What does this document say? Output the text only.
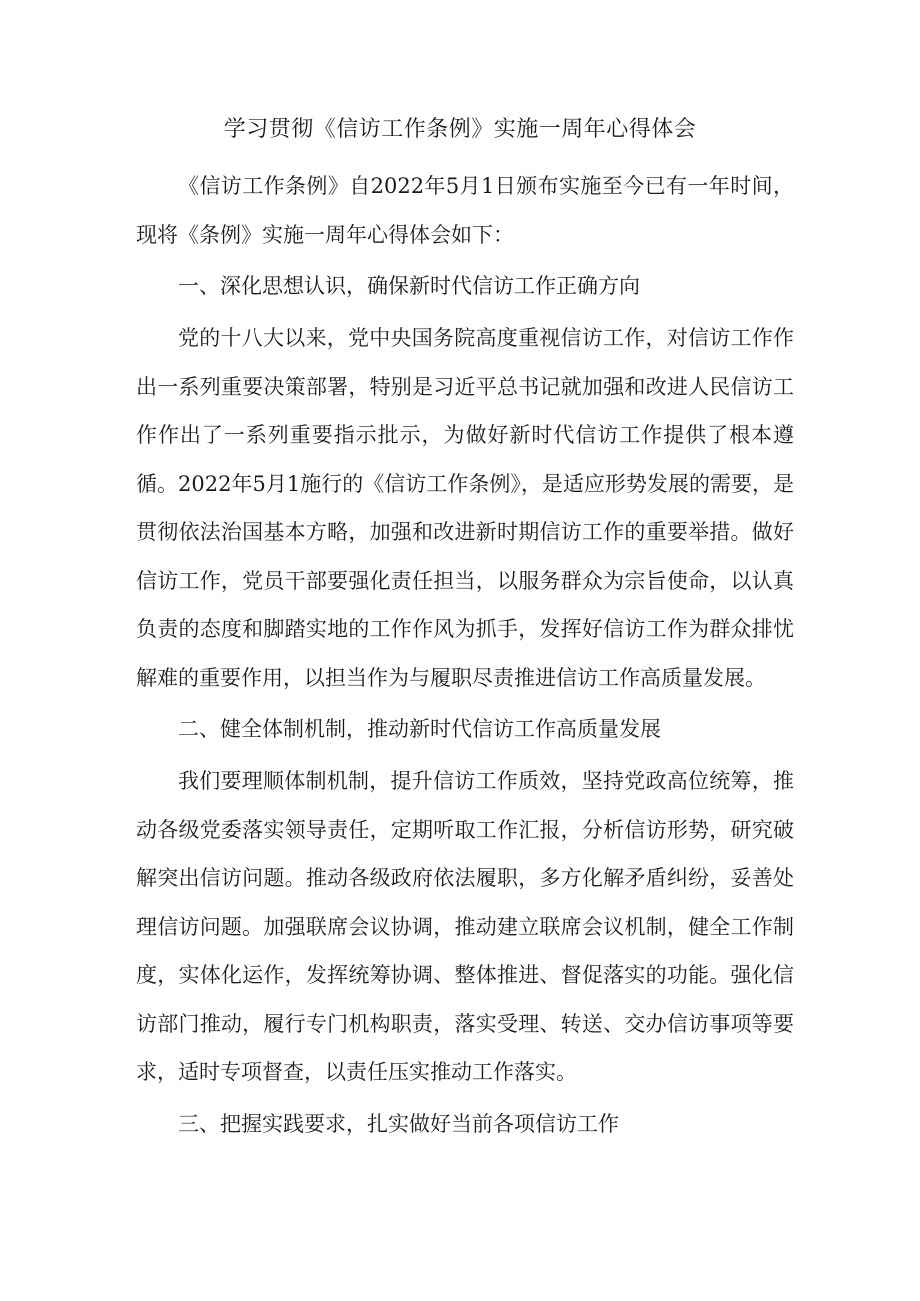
学习贯彻《信访工作条例》实施一周年心得体会

《信访工作条例》自2022年5月1日颁布实施至今已有一年时间，现将《条例》实施一周年心得体会如下：

一、深化思想认识，确保新时代信访工作正确方向

党的十八大以来，党中央国务院高度重视信访工作，对信访工作作出一系列重要决策部署，特别是习近平总书记就加强和改进人民信访工作作出了一系列重要指示批示，为做好新时代信访工作提供了根本遵循。2022年5月1施行的《信访工作条例》，是适应形势发展的需要，是贯彻依法治国基本方略，加强和改进新时期信访工作的重要举措。做好信访工作，党员干部要强化责任担当，以服务群众为宗旨使命，以认真负责的态度和脚踏实地的工作作风为抓手，发挥好信访工作为群众排忧解难的重要作用，以担当作为与履职尽责推进信访工作高质量发展。

二、健全体制机制，推动新时代信访工作高质量发展

我们要理顺体制机制，提升信访工作质效，坚持党政高位统筹，推动各级党委落实领导责任，定期听取工作汇报，分析信访形势，研究破解突出信访问题。推动各级政府依法履职，多方化解矛盾纠纷，妥善处理信访问题。加强联席会议协调，推动建立联席会议机制，健全工作制度，实体化运作，发挥统筹协调、整体推进、督促落实的功能。强化信访部门推动，履行专门机构职责，落实受理、转送、交办信访事项等要求，适时专项督查，以责任压实推动工作落实。

三、把握实践要求，扎实做好当前各项信访工作
